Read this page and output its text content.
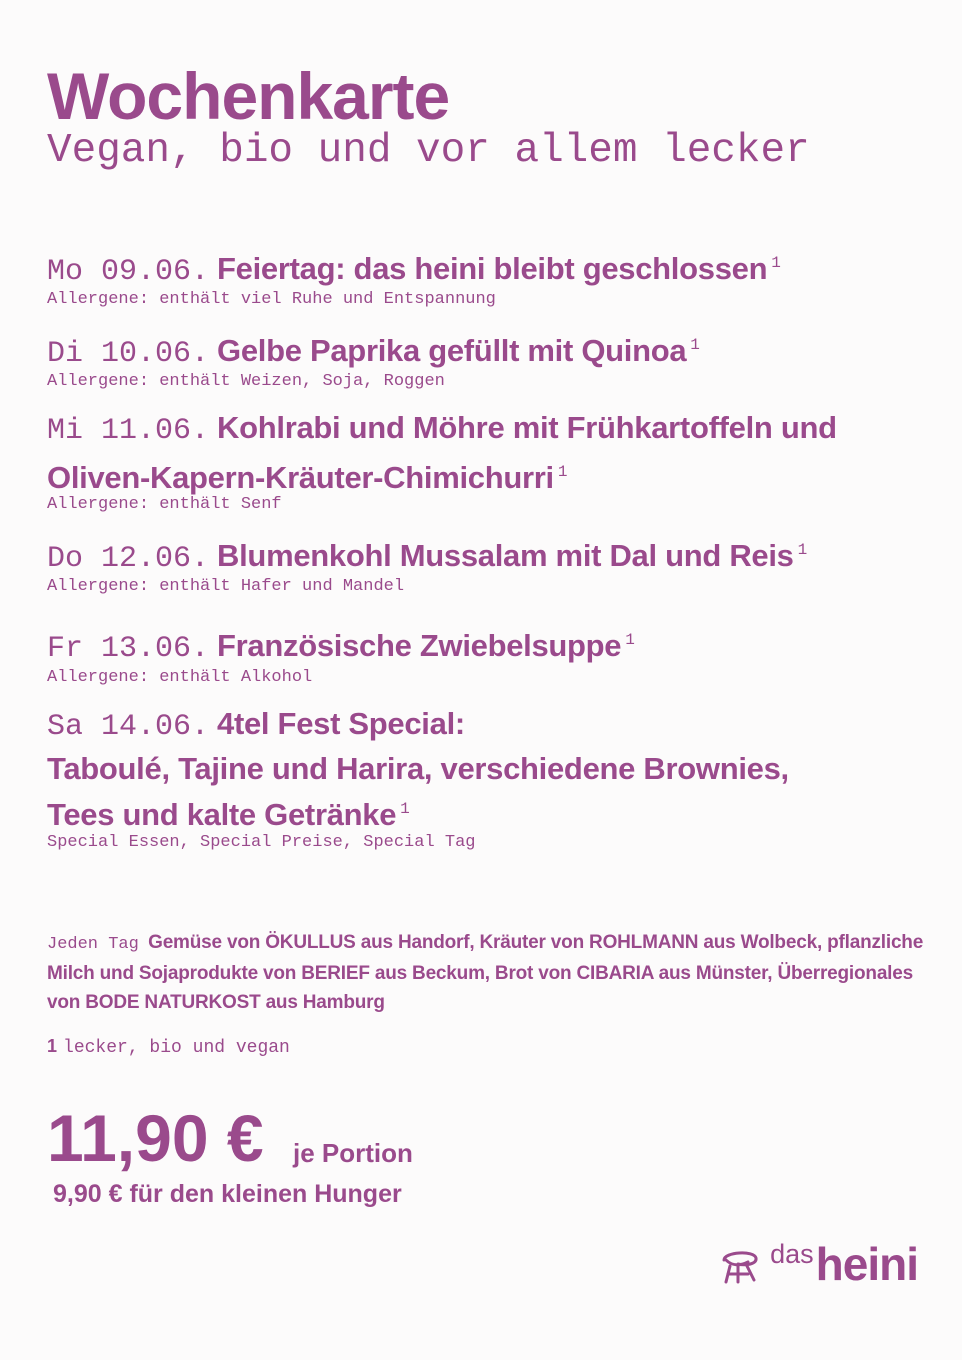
Wochenkarte
Vegan, bio und vor allem lecker
Mo 09.06. Feiertag: das heini bleibt geschlossen $^1$
Allergene: enthält viel Ruhe und Entspannung
Di 10.06. Gelbe Paprika gefüllt mit Quinoa $^1$
Allergene: enthält Weizen, Soja, Roggen
Mi 11.06. Kohlrabi und Möhre mit Frühkartoffeln und Oliven-Kapern-Kräuter-Chimichurri $^1$
Allergene: enthält Senf
Do 12.06. Blumenkohl Mussalam mit Dal und Reis $^1$
Allergene: enthält Hafer und Mandel
Fr 13.06. Französische Zwiebelsuppe $^1$
Allergene: enthält Alkohol
Sa 14.06. 4tel Fest Special:
Taboulé, Tajine und Harira, verschiedene Brownies,
Tees und kalte Getränke $^1$
Special Essen, Special Preise, Special Tag
Jeden Tag Gemüse von ÖKULLUS aus Handorf, Kräuter von ROHLMANN aus Wolbeck, pflanzliche Milch und Sojaprodukte von BERIEF aus Beckum, Brot von CIBARIA aus Münster, Überregionales von BODE NATURKOST aus Hamburg
1 lecker, bio und vegan
11,90 € je Portion
9,90 € für den kleinen Hunger
das heini
